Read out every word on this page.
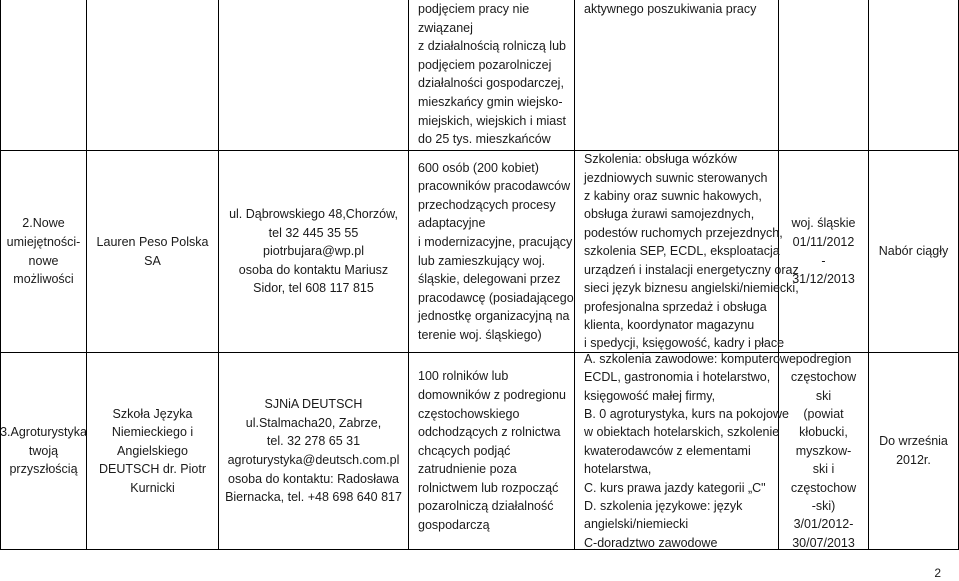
podjęciem pracy nie
związanej
z działalnością rolniczą lub
podjęciem pozarolniczej
działalności gospodarczej,
mieszkańcy gmin wiejsko-
miejskich, wiejskich i miast
do 25 tys. mieszkańców
aktywnego poszukiwania pracy
2.Nowe
umiejętności-
nowe
możliwości
Lauren Peso Polska
SA
ul. Dąbrowskiego 48,Chorzów,
tel 32 445 35 55
piotrbujara@wp.pl
osoba do kontaktu Mariusz
Sidor, tel 608 117 815
600 osób (200 kobiet)
pracowników pracodawców
przechodzących procesy
adaptacyjne
i modernizacyjne, pracujący
lub zamieszkujący woj.
śląskie, delegowani przez
pracodawcę (posiadającego
jednostkę organizacyjną na
terenie woj. śląskiego)
Szkolenia: obsługa wózków
jezdniowych suwnic sterowanych
z kabiny oraz suwnic hakowych,
obsługa żurawi samojezdnych,
podestów ruchomych przejezdnych,
szkolenia SEP, ECDL, eksploatacja
urządzeń i instalacji energetyczny oraz
sieci język biznesu angielski/niemiecki,
profesjonalna sprzedaż i obsługa
klienta, koordynator magazynu
i spedycji, księgowość, kadry i płace
woj. śląskie
01/11/2012
-
31/12/2013
Nabór ciągły
3.Agroturystyka
twoją
przyszłością
Szkoła Języka
Niemieckiego i
Angielskiego
DEUTSCH dr. Piotr
Kurnicki
SJNiA DEUTSCH
ul.Stalmacha20, Zabrze,
tel. 32 278 65 31
agroturystyka@deutsch.com.pl
osoba do kontaktu: Radosława
Biernacka, tel. +48 698 640 817
100 rolników lub
domowników z podregionu
częstochowskiego
odchodzących z rolnictwa
chcących podjąć
zatrudnienie poza
rolnictwem lub rozpocząć
pozarolniczą działalność
gospodarczą
A. szkolenia zawodowe: komputerowe
ECDL, gastronomia i hotelarstwo,
księgowość małej firmy,
B. 0 agroturystyka, kurs na pokojowe
w obiektach hotelarskich, szkolenie
kwaterodawców z elementami
hotelarstwa,
C. kurs prawa jazdy kategorii „C"
D. szkolenia językowe: język
angielski/niemiecki
C-doradztwo zawodowe
podregion
częstochow
ski
(powiat
kłobucki,
myszkow-
ski i
częstochow
-ski)
3/01/2012-
30/07/2013
Do września
2012r.
2
